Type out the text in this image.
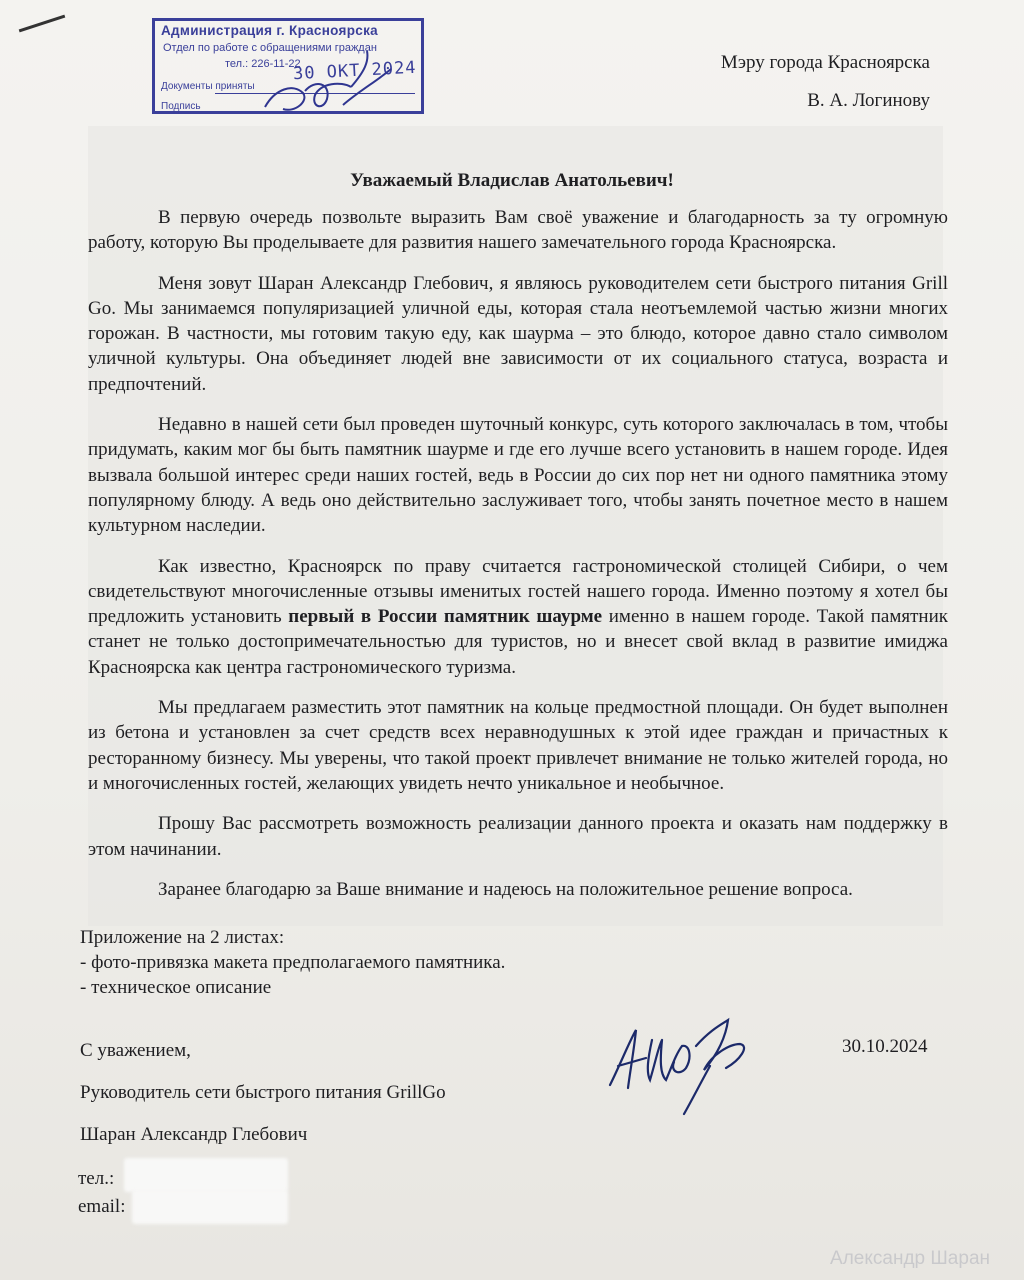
Администрация г. Красноярска
Отдел по работе с обращениями граждан
тел.: 226-11-22
30 ОКТ 2024
Документы приняты
Подпись
Мэру города Красноярска
В. А. Логинову
Уважаемый Владислав Анатольевич!

В первую очередь позвольте выразить Вам своё уважение и благодарность за ту огромную работу, которую Вы проделываете для развития нашего замечательного города Красноярска.

Меня зовут Шаран Александр Глебович, я являюсь руководителем сети быстрого питания Grill Go. Мы занимаемся популяризацией уличной еды, которая стала неотъемлемой частью жизни многих горожан. В частности, мы готовим такую еду, как шаурма – это блюдо, которое давно стало символом уличной культуры. Она объединяет людей вне зависимости от их социального статуса, возраста и предпочтений.

Недавно в нашей сети был проведен шуточный конкурс, суть которого заключалась в том, чтобы придумать, каким мог бы быть памятник шаурме и где его лучше всего установить в нашем городе. Идея вызвала большой интерес среди наших гостей, ведь в России до сих пор нет ни одного памятника этому популярному блюду. А ведь оно действительно заслуживает того, чтобы занять почетное место в нашем культурном наследии.

Как известно, Красноярск по праву считается гастрономической столицей Сибири, о чем свидетельствуют многочисленные отзывы именитых гостей нашего города. Именно поэтому я хотел бы предложить установить первый в России памятник шаурме именно в нашем городе. Такой памятник станет не только достопримечательностью для туристов, но и внесет свой вклад в развитие имиджа Красноярска как центра гастрономического туризма.

Мы предлагаем разместить этот памятник на кольце предмостной площади. Он будет выполнен из бетона и установлен за счет средств всех неравнодушных к этой идее граждан и причастных к ресторанному бизнесу. Мы уверены, что такой проект привлечет внимание не только жителей города, но и многочисленных гостей, желающих увидеть нечто уникальное и необычное.

Прошу Вас рассмотреть возможность реализации данного проекта и оказать нам поддержку в этом начинании.

Заранее благодарю за Ваше внимание и надеюсь на положительное решение вопроса.

Приложение на 2 листах:
- фото-привязка макета предполагаемого памятника.
- техническое описание
С уважением,
Руководитель сети быстрого питания GrillGo
Шаран Александр Глебович
30.10.2024
тел.:
email:
Александр Шаран
